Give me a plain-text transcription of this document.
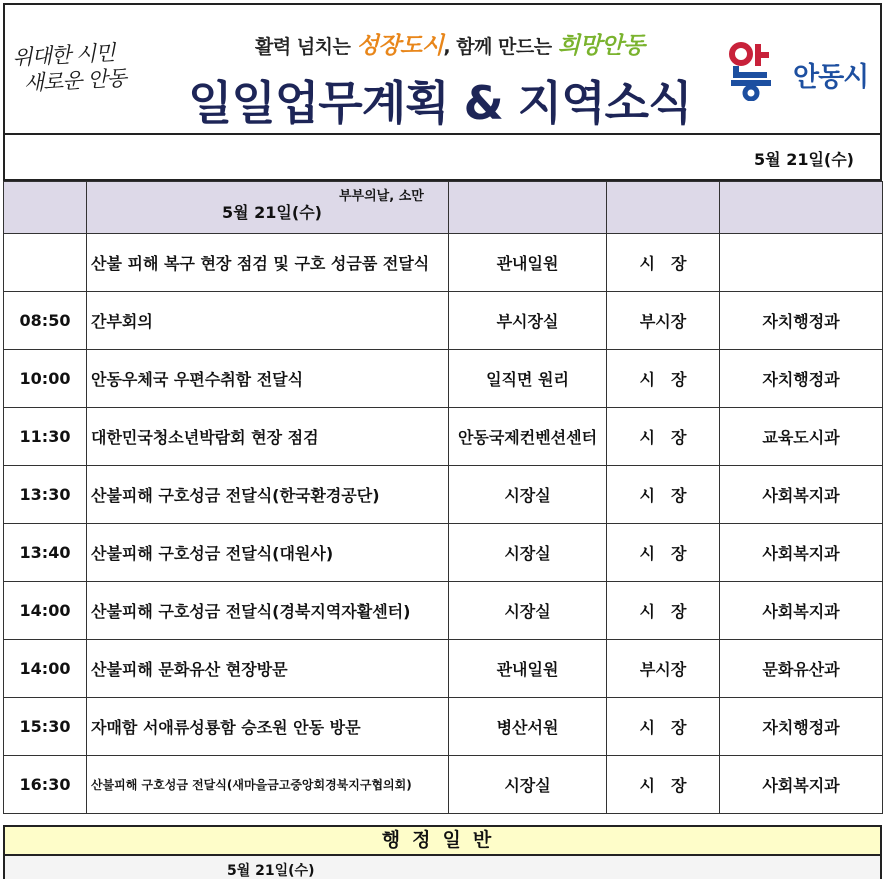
위대한 시민
새로운 안동
활력 넘치는 성장도시, 함께 만드는 희망안동
일일업무계획 & 지역소식	안동시
5월 21일(수)

	5월 21일(수)
부부의날, 소만			

	산불 피해 복구 현장 점검 및 구호 성금품 전달식	관내일원	시　장	
08:50	간부회의	부시장실	부시장	자치행정과
10:00	안동우체국 우편수취함 전달식	일직면 원리	시　장	자치행정과
11:30	대한민국청소년박람회 현장 점검	안동국제컨벤션센터	시　장	교육도시과
13:30	산불피해 구호성금 전달식(한국환경공단)	시장실	시　장	사회복지과
13:40	산불피해 구호성금 전달식(대원사)	시장실	시　장	사회복지과
14:00	산불피해 구호성금 전달식(경북지역자활센터)	시장실	시　장	사회복지과
14:00	산불피해 문화유산 현장방문	관내일원	부시장	문화유산과
15:30	자매함 서애류성룡함 승조원 안동 방문	병산서원	시　장	자치행정과
16:30	산불피해 구호성금 전달식(새마을금고중앙회경북지구협의회)	시장실	시　장	사회복지과
행정일반
5월 21일(수)
